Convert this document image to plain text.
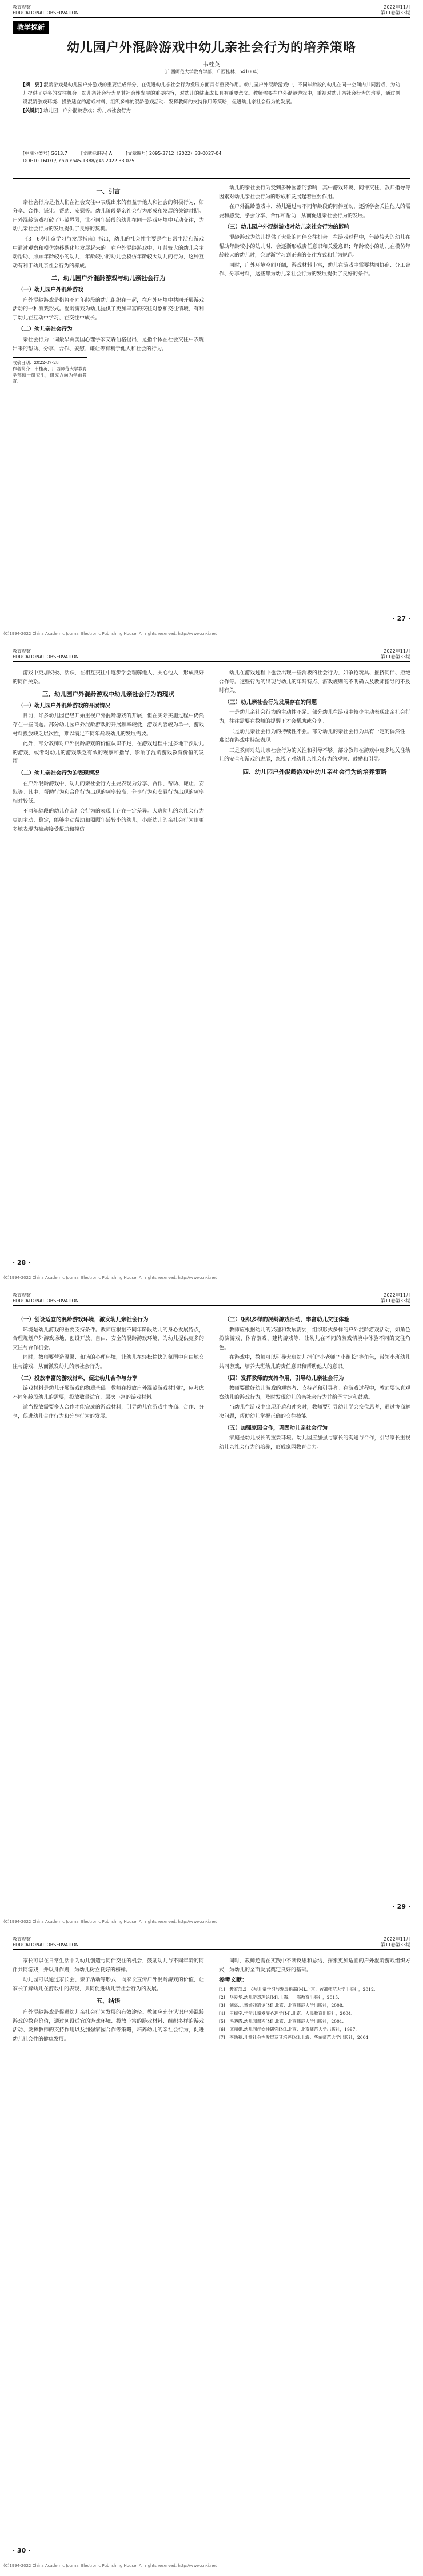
教育观察
EDUCATIONAL OBSERVATION
2022年11月
第11卷第33期
教学探新
幼儿园户外混龄游戏中幼儿亲社会行为的培养策略
韦桂英
（广西师范大学教育学部，广西桂林，541004）
[摘　要] 混龄游戏是幼儿园户外游戏的重要组成部分，在促进幼儿亲社会行为发展方面具有重要作用。幼儿园户外混龄游戏中，不同年龄段的幼儿在同一空间内共同游戏，为幼儿提供了更多的交往机会。幼儿亲社会行为是其社会性发展的重要内容，对幼儿的健康成长具有重要意义。教师需要在户外混龄游戏中，重视对幼儿亲社会行为的培养，通过创设混龄游戏环境、投放适宜的游戏材料、组织多样的混龄游戏活动、发挥教师的支持作用等策略，促进幼儿亲社会行为的发展。
[关键词] 幼儿园；户外混龄游戏；幼儿亲社会行为
[中图分类号] G613.7	[文献标识码] A	[文章编号] 2095-3712（2022）33-0027-04
DOI:10.16070/j.cnki.cn45-1388/g4s.2022.33.025
一、引言

亲社会行为是指人们在社会交往中表现出来的有益于他人和社会的积极行为，如分享、合作、谦让、帮助、安慰等。幼儿阶段是亲社会行为形成和发展的关键时期。户外混龄游戏打破了年龄界限，让不同年龄段的幼儿在同一游戏环境中互动交往，为幼儿亲社会行为的发展提供了良好的契机。

《3—6岁儿童学习与发展指南》指出，幼儿的社会性主要是在日常生活和游戏中通过观察和模仿潜移默化地发展起来的。在户外混龄游戏中，年龄较大的幼儿会主动帮助、照顾年龄较小的幼儿，年龄较小的幼儿会模仿年龄较大幼儿的行为，这种互动有利于幼儿亲社会行为的养成。

二、幼儿园户外混龄游戏与幼儿亲社会行为
（一）幼儿园户外混龄游戏

户外混龄游戏是指将不同年龄段的幼儿组织在一起，在户外环境中共同开展游戏活动的一种游戏形式。混龄游戏为幼儿提供了更加丰富的交往对象和交往情境，有利于幼儿在互动中学习、在交往中成长。

（二）幼儿亲社会行为

亲社会行为一词最早由美国心理学家艾森伯格提出，是指个体在社会交往中表现出来的帮助、分享、合作、安慰、谦让等有利于他人和社会的行为。

收稿日期：2022-07-28
作者简介：韦桂英，广西师范大学教育学部硕士研究生，研究方向为学前教育。

幼儿的亲社会行为受到多种因素的影响，其中游戏环境、同伴交往、教师指导等因素对幼儿亲社会行为的形成和发展起着重要作用。

在户外混龄游戏中，幼儿通过与不同年龄段的同伴互动，逐渐学会关注他人的需要和感受，学会分享、合作和帮助，从而促进亲社会行为的发展。

（三）幼儿园户外混龄游戏对幼儿亲社会行为的影响

混龄游戏为幼儿提供了大量的同伴交往机会。在游戏过程中，年龄较大的幼儿在帮助年龄较小的幼儿时，会逐渐形成责任意识和关爱意识；年龄较小的幼儿在模仿年龄较大的幼儿时，会逐渐学习到正确的交往方式和行为规范。

同时，户外环境空间开阔，游戏材料丰富，幼儿在游戏中需要共同协商、分工合作、分享材料，这些都为幼儿亲社会行为的发展提供了良好的条件。

· 27 ·
(C)1994-2022 China Academic Journal Electronic Publishing House. All rights reserved. http://www.cnki.net
教育观察
EDUCATIONAL OBSERVATION
2022年11月
第11卷第33期

游戏中更加积极、活跃，在相互交往中逐步学会理解他人、关心他人，形成良好的同伴关系。

三、幼儿园户外混龄游戏中幼儿亲社会行为的现状
（一）幼儿园户外混龄游戏的开展情况

目前，许多幼儿园已经开始重视户外混龄游戏的开展，但在实际实施过程中仍然存在一些问题。部分幼儿园户外混龄游戏的开展频率较低，游戏内容较为单一，游戏材料投放缺乏层次性，难以满足不同年龄段幼儿的发展需要。

此外，部分教师对户外混龄游戏的价值认识不足，在游戏过程中过多地干预幼儿的游戏，或者对幼儿的游戏缺乏有效的观察和指导，影响了混龄游戏教育价值的发挥。

（二）幼儿亲社会行为的表现情况

在户外混龄游戏中，幼儿的亲社会行为主要表现为分享、合作、帮助、谦让、安慰等。其中，帮助行为和合作行为出现的频率较高，分享行为和安慰行为出现的频率相对较低。

不同年龄段的幼儿在亲社会行为的表现上存在一定差异。大班幼儿的亲社会行为更加主动、稳定，能够主动帮助和照顾年龄较小的幼儿；小班幼儿的亲社会行为则更多地表现为被动接受帮助和模仿。

幼儿在游戏过程中也会出现一些消极的社会行为，如争抢玩具、推挤同伴、拒绝合作等。这些行为的出现与幼儿的年龄特点、游戏规则的不明确以及教师指导的不及时有关。

（三）幼儿亲社会行为发展存在的问题

一是幼儿亲社会行为的主动性不足。部分幼儿在游戏中较少主动表现出亲社会行为，往往需要在教师的提醒下才会帮助或分享。

二是幼儿亲社会行为的持续性不强。部分幼儿的亲社会行为具有一定的偶然性，难以在游戏中持续表现。

三是教师对幼儿亲社会行为的关注和引导不够。部分教师在游戏中更多地关注幼儿的安全和游戏的进展，忽视了对幼儿亲社会行为的观察、鼓励和引导。

四、幼儿园户外混龄游戏中幼儿亲社会行为的培养策略
· 28 ·
(C)1994-2022 China Academic Journal Electronic Publishing House. All rights reserved. http://www.cnki.net
教育观察
EDUCATIONAL OBSERVATION
2022年11月
第11卷第33期
（一）创设适宜的混龄游戏环境，激发幼儿亲社会行为

环境是幼儿游戏的重要支持条件。教师应根据不同年龄段幼儿的身心发展特点，合理规划户外游戏场地，创设开放、自由、安全的混龄游戏环境，为幼儿提供更多的交往与合作机会。

同时，教师要营造温馨、和谐的心理环境，让幼儿在轻松愉快的氛围中自由地交往与游戏，从而激发幼儿的亲社会行为。

（二）投放丰富的游戏材料，促进幼儿合作与分享

游戏材料是幼儿开展游戏的物质基础。教师在投放户外混龄游戏材料时，应考虑不同年龄段幼儿的需要，投放数量适宜、层次丰富的游戏材料。

适当投放需要多人合作才能完成的游戏材料，引导幼儿在游戏中协商、合作、分享，促进幼儿合作行为和分享行为的发展。

（三）组织多样的混龄游戏活动，丰富幼儿交往体验

教师应根据幼儿的兴趣和发展需要，组织形式多样的户外混龄游戏活动，如角色扮演游戏、体育游戏、建构游戏等，让幼儿在不同的游戏情境中体验不同的交往角色。

在游戏中，教师可以引导大班幼儿担任“小老师”“小组长”等角色，带领小班幼儿共同游戏，培养大班幼儿的责任意识和帮助他人的意识。

（四）发挥教师的支持作用，引导幼儿亲社会行为

教师要做好幼儿游戏的观察者、支持者和引导者。在游戏过程中，教师要认真观察幼儿的游戏行为，及时发现幼儿的亲社会行为并给予肯定和鼓励。

当幼儿在游戏中出现矛盾和冲突时，教师要引导幼儿学会换位思考，通过协商解决问题，帮助幼儿掌握正确的交往技能。

（五）加强家园合作，巩固幼儿亲社会行为

家庭是幼儿成长的重要环境。幼儿园应加强与家长的沟通与合作，引导家长重视幼儿亲社会行为的培养，形成家园教育合力。

· 29 ·
(C)1994-2022 China Academic Journal Electronic Publishing House. All rights reserved. http://www.cnki.net
教育观察
EDUCATIONAL OBSERVATION
2022年11月
第11卷第33期

家长可以在日常生活中为幼儿创造与同伴交往的机会，鼓励幼儿与不同年龄的同伴共同游戏，并以身作则，为幼儿树立良好的榜样。

幼儿园可以通过家长会、亲子活动等形式，向家长宣传户外混龄游戏的价值，让家长了解幼儿在游戏中的表现，共同促进幼儿亲社会行为的发展。

五、结语

户外混龄游戏是促进幼儿亲社会行为发展的有效途径。教师应充分认识户外混龄游戏的教育价值，通过创设适宜的游戏环境、投放丰富的游戏材料、组织多样的游戏活动、发挥教师的支持作用以及加强家园合作等策略，培养幼儿的亲社会行为，促进幼儿社会性的健康发展。

同时，教师还需在实践中不断反思和总结，探索更加适宜的户外混龄游戏组织方式，为幼儿的全面发展奠定良好的基础。

参考文献：

[1]　教育部.3—6岁儿童学习与发展指南[M].北京：首都师范大学出版社，2012.
[2]　华爱华.幼儿游戏理论[M].上海：上海教育出版社，2015.
[3]　刘焱.儿童游戏通论[M].北京：北京师范大学出版社，2008.
[4]　王振宇.学前儿童发展心理学[M].北京：人民教育出版社，2004.
[5]　冯晓霞.幼儿园课程[M].北京：北京师范大学出版社，2001.
[6]　庞丽娟.幼儿同伴交往研究[M].北京：北京师范大学出版社，1997.
[7]　李幼穗.儿童社会性发展及其培养[M].上海：华东师范大学出版社，2004.
· 30 ·
(C)1994-2022 China Academic Journal Electronic Publishing House. All rights reserved. http://www.cnki.net
